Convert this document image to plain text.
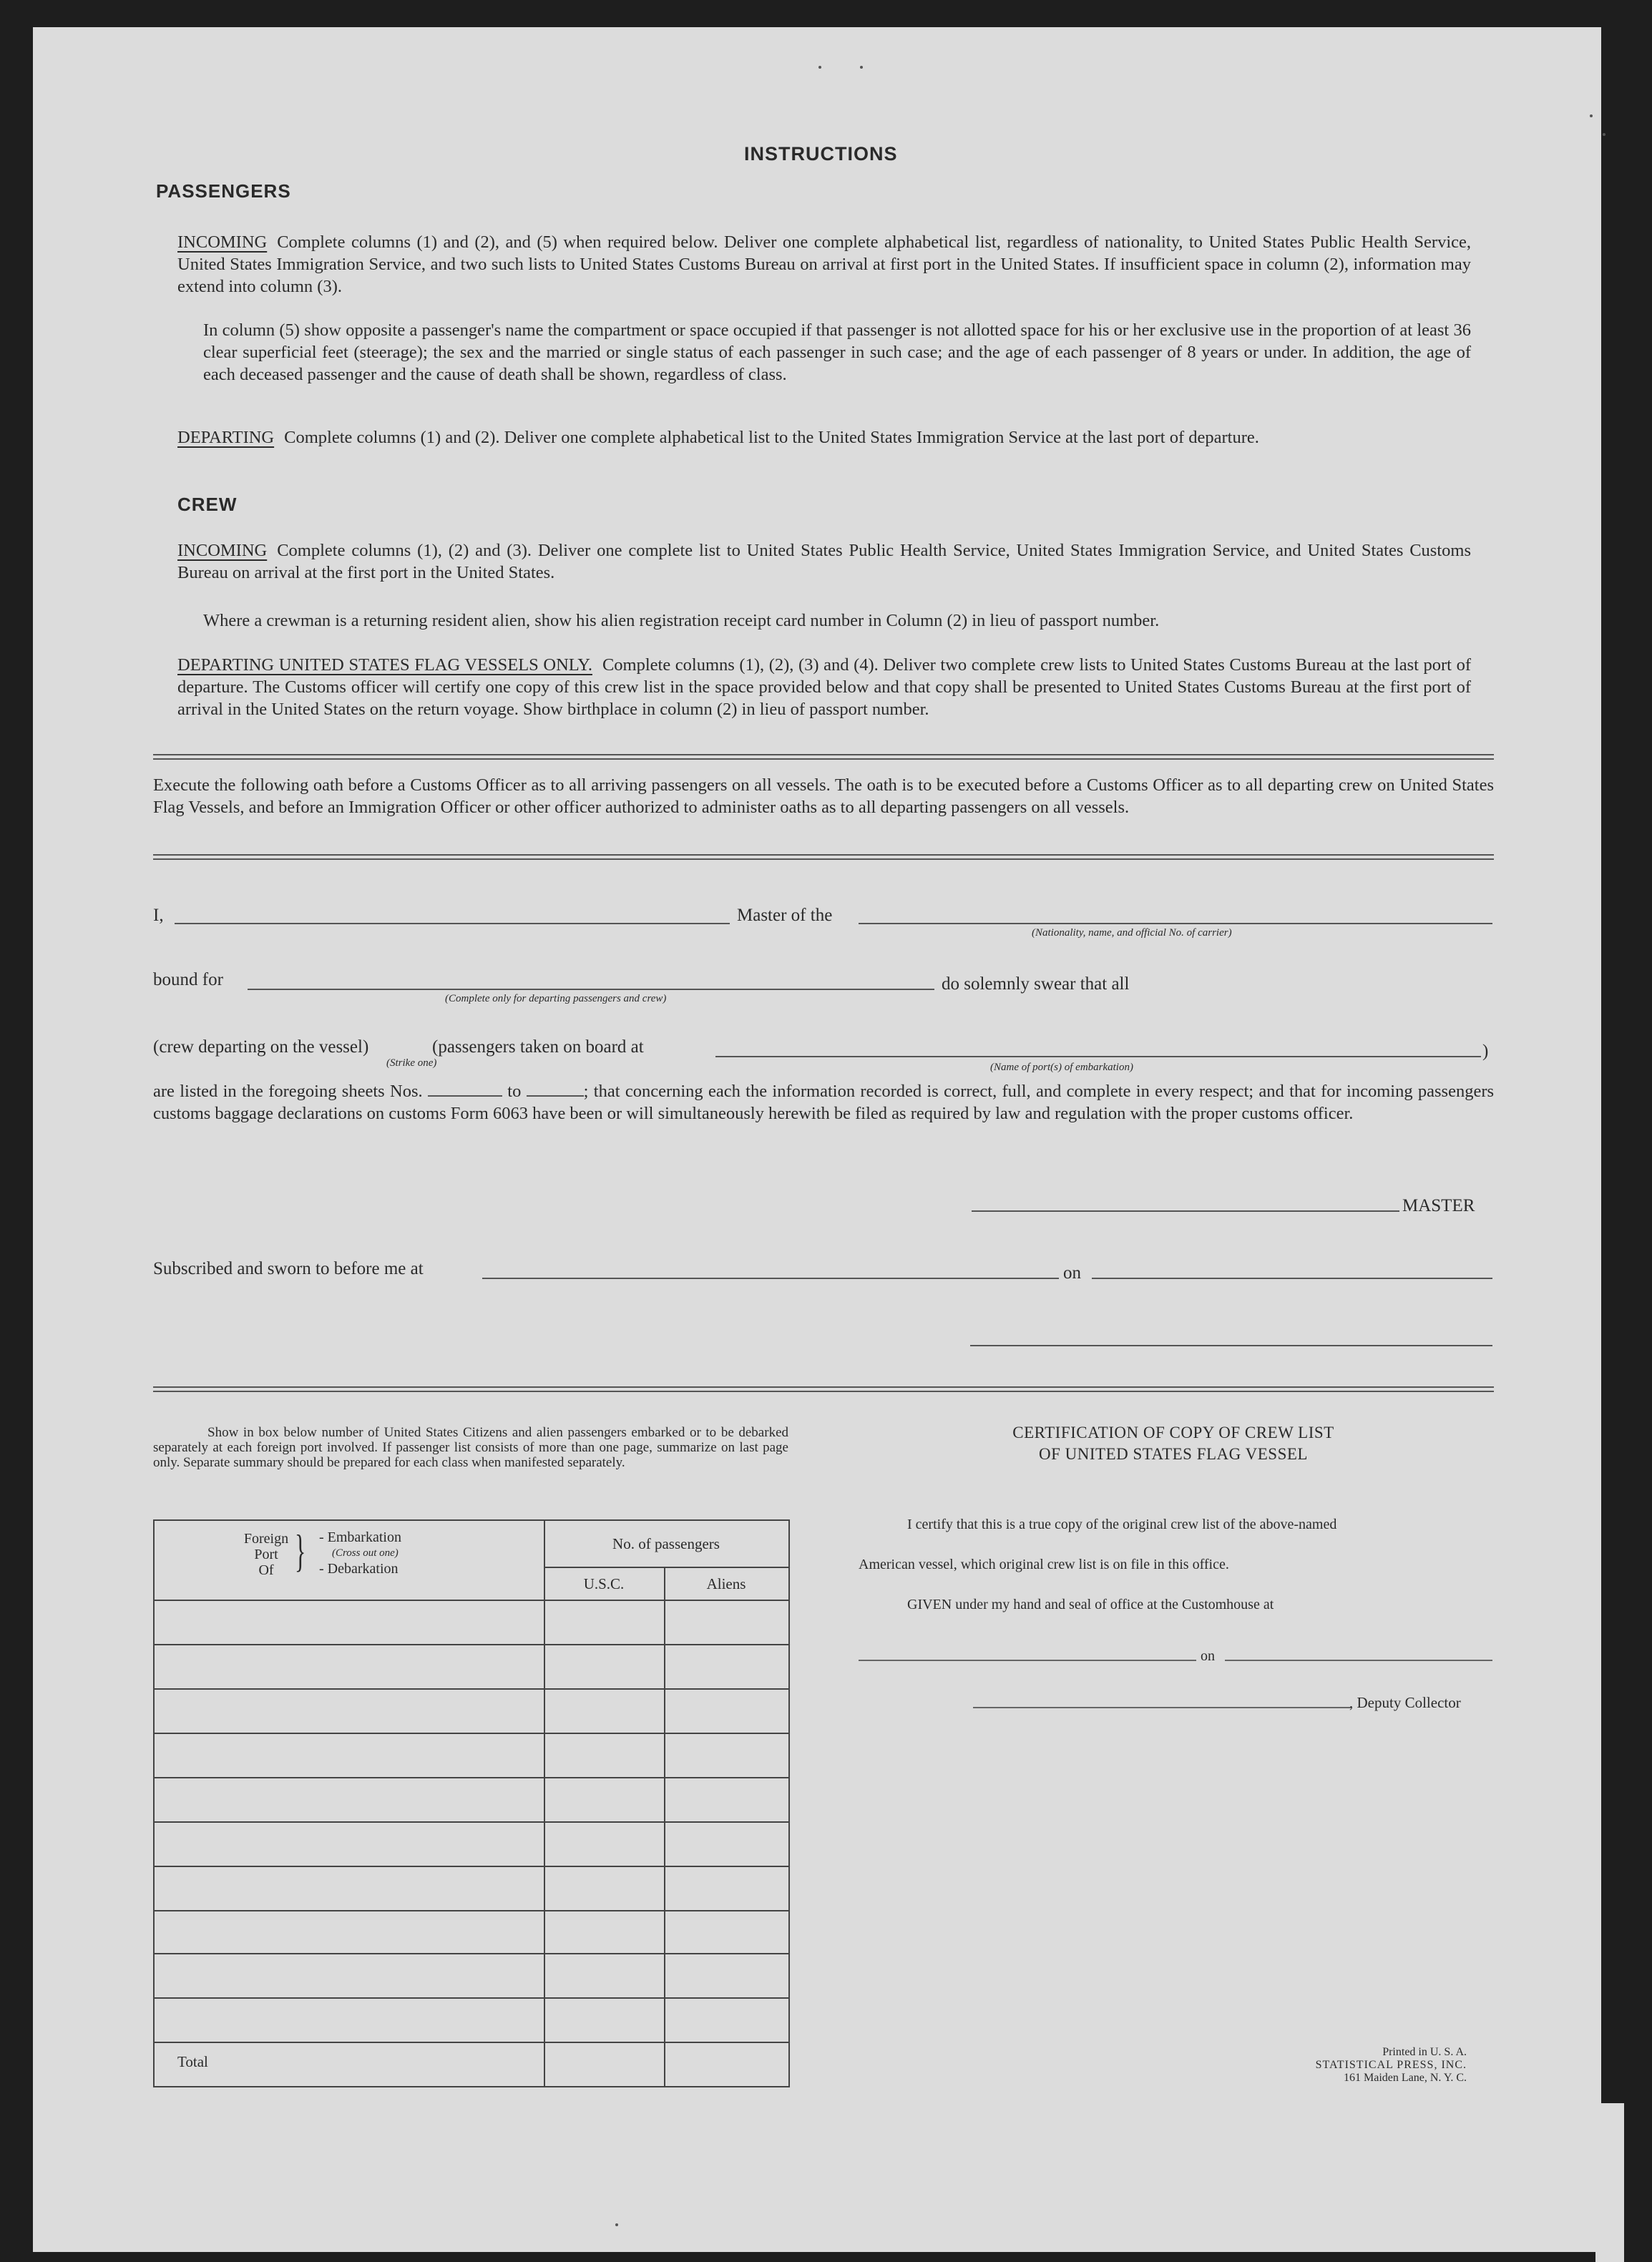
INSTRUCTIONS
PASSENGERS
INCOMING Complete columns (1) and (2), and (5) when required below. Deliver one complete alphabetical list, regardless of nationality, to United States Public Health Service, United States Immigration Service, and two such lists to United States Customs Bureau on arrival at first port in the United States. If insufficient space in column (2), information may extend into column (3).
In column (5) show opposite a passenger's name the compartment or space occupied if that passenger is not allotted space for his or her exclusive use in the proportion of at least 36 clear superficial feet (steerage); the sex and the married or single status of each passenger in such case; and the age of each passenger of 8 years or under. In addition, the age of each deceased passenger and the cause of death shall be shown, regardless of class.
DEPARTING Complete columns (1) and (2). Deliver one complete alphabetical list to the United States Immigration Service at the last port of departure.
CREW
INCOMING Complete columns (1), (2) and (3). Deliver one complete list to United States Public Health Service, United States Immigration Service, and United States Customs Bureau on arrival at the first port in the United States.
Where a crewman is a returning resident alien, show his alien registration receipt card number in Column (2) in lieu of passport number.
DEPARTING UNITED STATES FLAG VESSELS ONLY. Complete columns (1), (2), (3) and (4). Deliver two complete crew lists to United States Customs Bureau at the last port of departure. The Customs officer will certify one copy of this crew list in the space provided below and that copy shall be presented to United States Customs Bureau at the first port of arrival in the United States on the return voyage. Show birthplace in column (2) in lieu of passport number.
Execute the following oath before a Customs Officer as to all arriving passengers on all vessels. The oath is to be executed before a Customs Officer as to all departing crew on United States Flag Vessels, and before an Immigration Officer or other officer authorized to administer oaths as to all departing passengers on all vessels.
I,	Master of the
(Nationality, name, and official No. of carrier)
bound for
(Complete only for departing passengers and crew)
do solemnly swear that all
(crew departing on the vessel)	(passengers taken on board at
(Strike one)
)
(Name of port(s) of embarkation)
are listed in the foregoing sheets Nos.	to	; that concerning each the information recorded is correct, full, and complete in every respect; and that for incoming passengers customs baggage declarations on customs Form 6063 have been or will simultaneously herewith be filed as required by law and regulation with the proper customs officer.
MASTER
Subscribed and sworn to before me at	on
Show in box below number of United States Citizens and alien passengers embarked or to be debarked separately at each foreign port involved. If passenger list consists of more than one page, summarize on last page only. Separate summary should be prepared for each class when manifested separately.
Foreign
Port
Of } - Embarkation
(Cross out one)
- Debarkation
No. of passengers
U.S.C.	Aliens
Total
CERTIFICATION OF COPY OF CREW LIST
OF UNITED STATES FLAG VESSEL
I certify that this is a true copy of the original crew list of the above-named
American vessel, which original crew list is on file in this office.
GIVEN under my hand and seal of office at the Customhouse at
on
, Deputy Collector
Printed in U. S. A.
STATISTICAL PRESS, INC.
161 Maiden Lane, N. Y. C.
